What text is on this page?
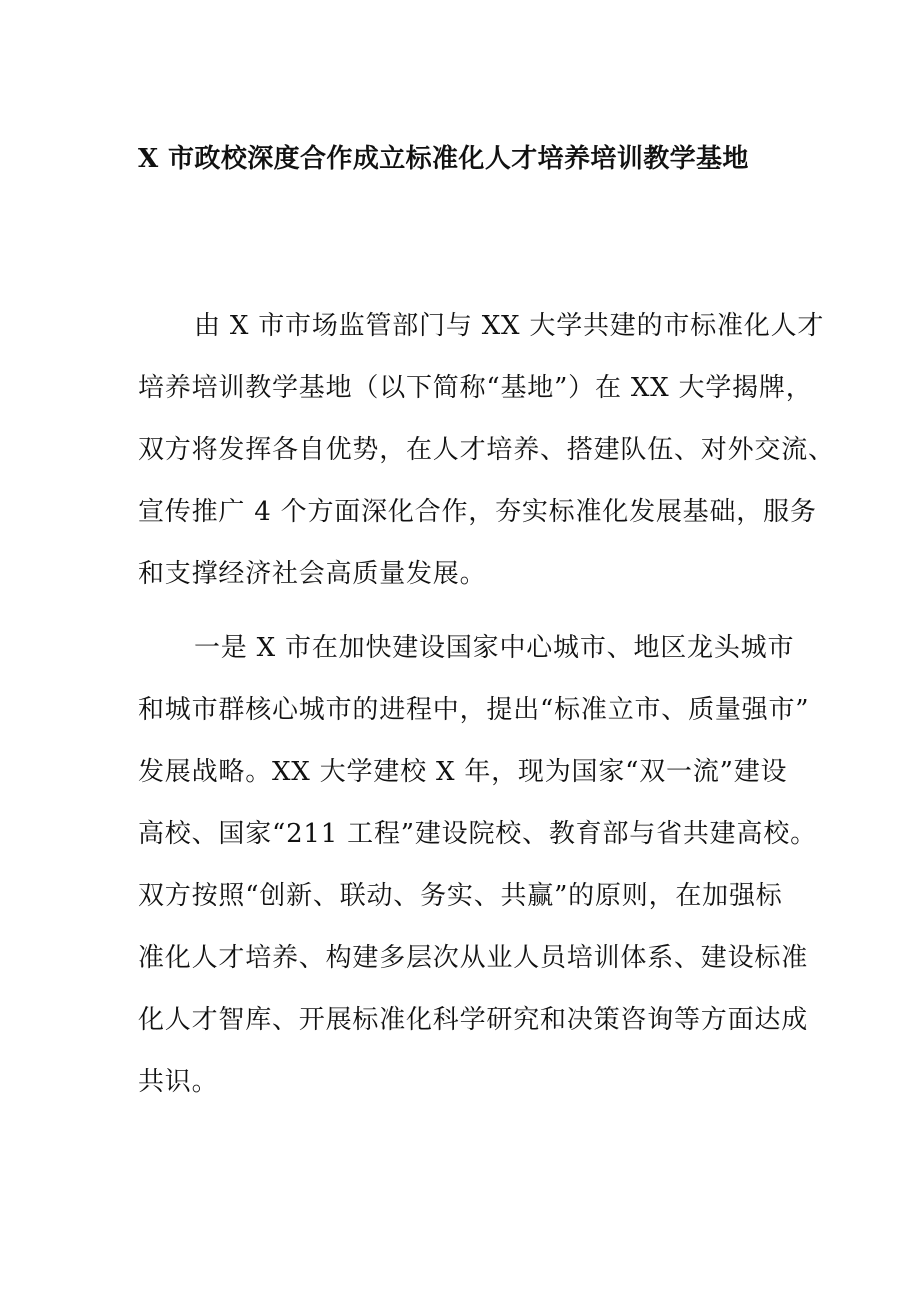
X 市政校深度合作成立标准化人才培养培训教学基地
由 X 市市场监管部门与 XX 大学共建的市标准化人才
培养培训教学基地（以下简称“基地”）在 XX 大学揭牌，
双方将发挥各自优势，在人才培养、搭建队伍、对外交流、
宣传推广 4 个方面深化合作，夯实标准化发展基础，服务
和支撑经济社会高质量发展。
一是 X 市在加快建设国家中心城市、地区龙头城市
和城市群核心城市的进程中，提出“标准立市、质量强市”
发展战略。XX 大学建校 X 年，现为国家“双一流”建设
高校、国家“211 工程”建设院校、教育部与省共建高校。
双方按照“创新、联动、务实、共赢”的原则，在加强标
准化人才培养、构建多层次从业人员培训体系、建设标准
化人才智库、开展标准化科学研究和决策咨询等方面达成
共识。
